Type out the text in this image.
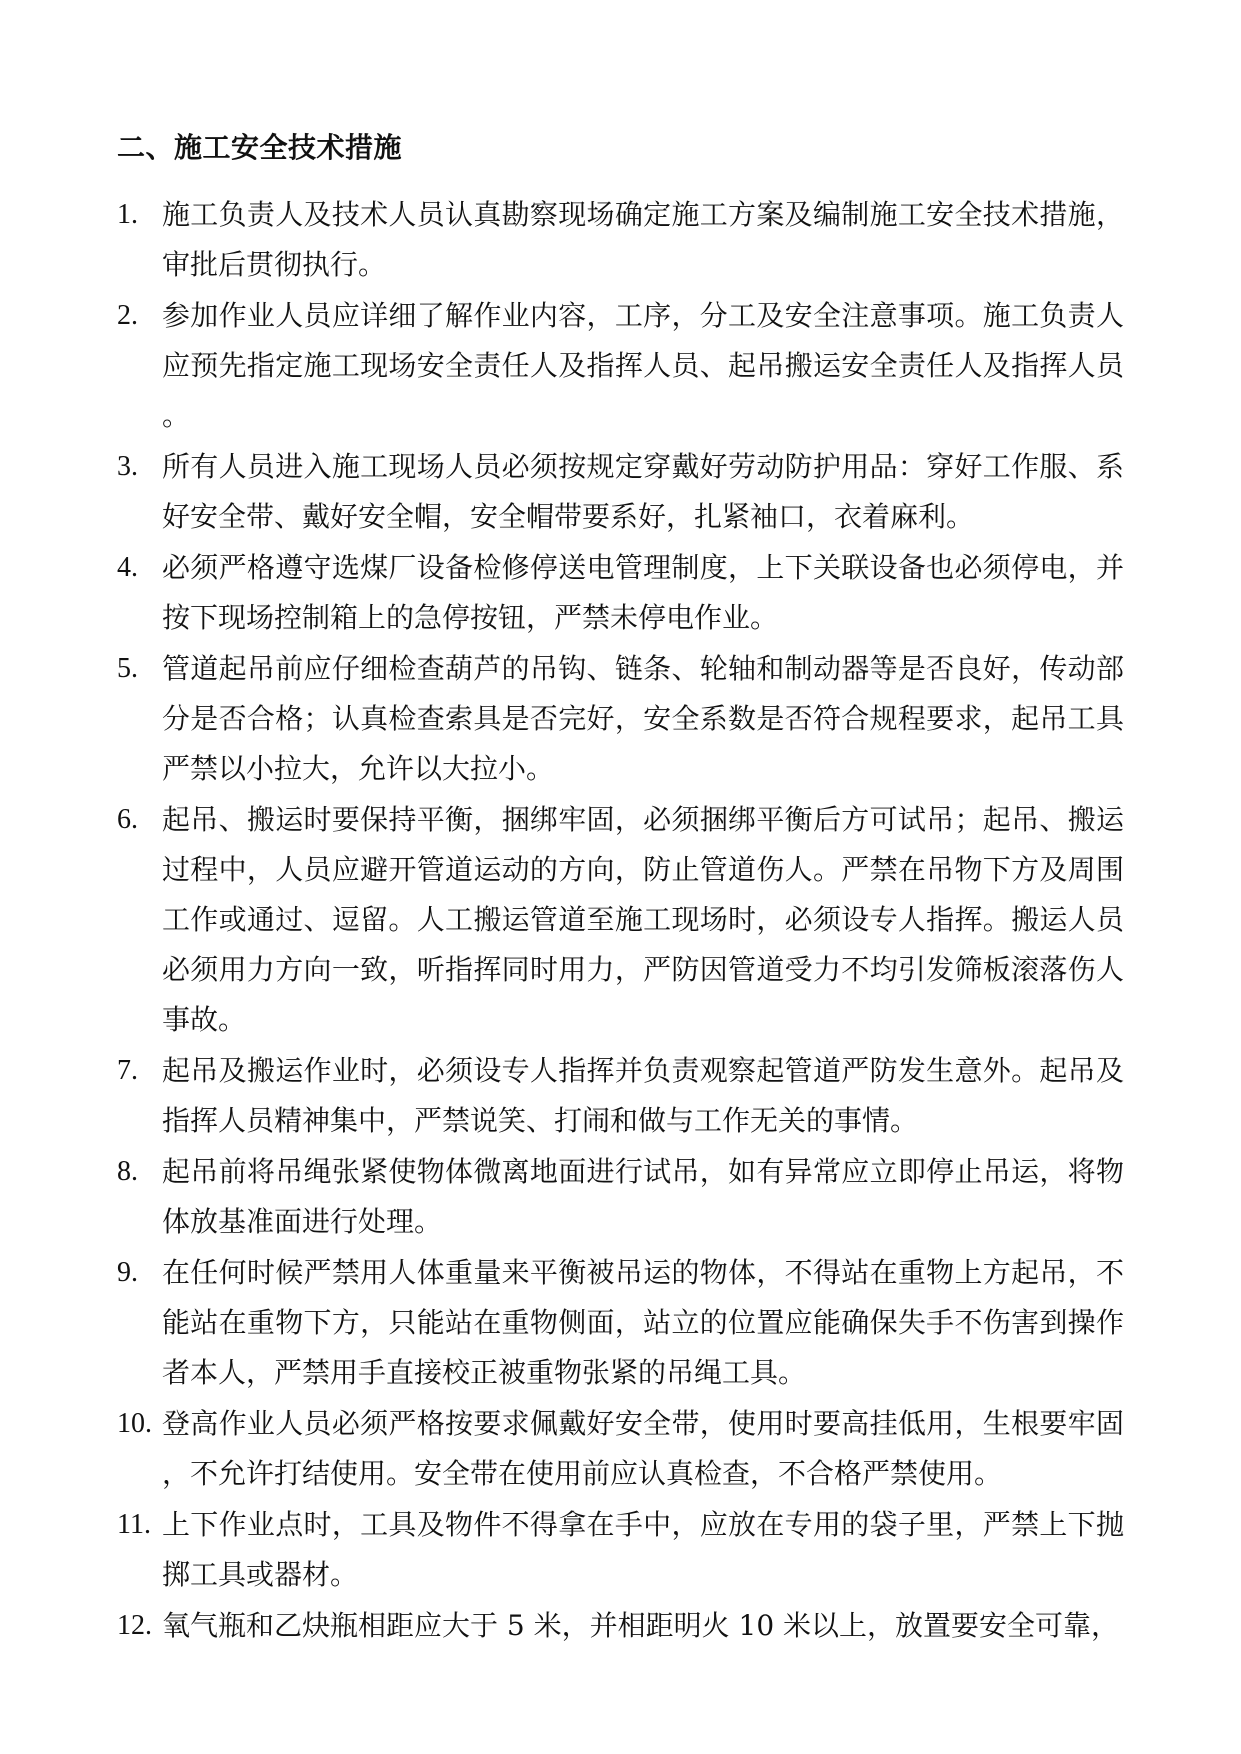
二、施工安全技术措施
1. 施工负责人及技术人员认真勘察现场确定施工方案及编制施工安全技术措施，审批后贯彻执行。
2. 参加作业人员应详细了解作业内容，工序，分工及安全注意事项。施工负责人应预先指定施工现场安全责任人及指挥人员、起吊搬运安全责任人及指挥人员。
3. 所有人员进入施工现场人员必须按规定穿戴好劳动防护用品：穿好工作服、系好安全带、戴好安全帽，安全帽带要系好，扎紧袖口，衣着麻利。
4. 必须严格遵守选煤厂设备检修停送电管理制度，上下关联设备也必须停电，并按下现场控制箱上的急停按钮，严禁未停电作业。
5. 管道起吊前应仔细检查葫芦的吊钩、链条、轮轴和制动器等是否良好，传动部分是否合格；认真检查索具是否完好，安全系数是否符合规程要求，起吊工具严禁以小拉大，允许以大拉小。
6. 起吊、搬运时要保持平衡，捆绑牢固，必须捆绑平衡后方可试吊；起吊、搬运过程中，人员应避开管道运动的方向，防止管道伤人。严禁在吊物下方及周围工作或通过、逗留。人工搬运管道至施工现场时，必须设专人指挥。搬运人员必须用力方向一致，听指挥同时用力，严防因管道受力不均引发筛板滚落伤人事故。
7. 起吊及搬运作业时，必须设专人指挥并负责观察起管道严防发生意外。起吊及指挥人员精神集中，严禁说笑、打闹和做与工作无关的事情。
8. 起吊前将吊绳张紧使物体微离地面进行试吊，如有异常应立即停止吊运，将物体放基准面进行处理。
9. 在任何时候严禁用人体重量来平衡被吊运的物体，不得站在重物上方起吊，不能站在重物下方，只能站在重物侧面，站立的位置应能确保失手不伤害到操作者本人，严禁用手直接校正被重物张紧的吊绳工具。
10. 登高作业人员必须严格按要求佩戴好安全带，使用时要高挂低用，生根要牢固，不允许打结使用。安全带在使用前应认真检查，不合格严禁使用。
11. 上下作业点时，工具及物件不得拿在手中，应放在专用的袋子里，严禁上下抛掷工具或器材。
12. 氧气瓶和乙炔瓶相距应大于 5 米，并相距明火 10 米以上，放置要安全可靠，
